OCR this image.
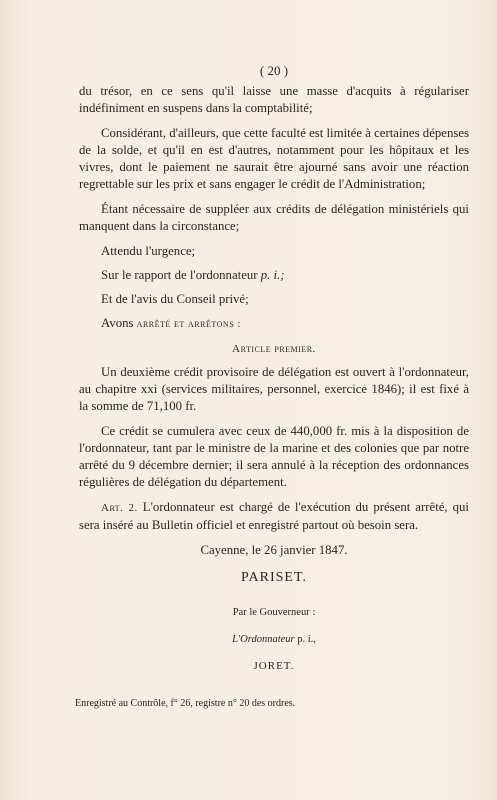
( 20 )

du trésor, en ce sens qu'il laisse une masse d'acquits à régulariser indéfiniment en suspens dans la comptabilité;

Considérant, d'ailleurs, que cette faculté est limitée à certaines dépenses de la solde, et qu'il en est d'autres, notamment pour les hôpitaux et les vivres, dont le paiement ne saurait être ajourné sans avoir une réaction regrettable sur les prix et sans engager le crédit de l'Administration;

Étant nécessaire de suppléer aux crédits de délégation ministériels qui manquent dans la circonstance;

Attendu l'urgence;

Sur le rapport de l'ordonnateur p. i.;

Et de l'avis du Conseil privé;

Avons arrêté et arrêtons :

Article premier.

Un deuxième crédit provisoire de délégation est ouvert à l'ordonnateur, au chapitre xxi (services militaires, personnel, exercice 1846); il est fixé à la somme de 71,100 fr.

Ce crédit se cumulera avec ceux de 440,000 fr. mis à la disposition de l'ordonnateur, tant par le ministre de la marine et des colonies que par notre arrêté du 9 décembre dernier; il sera annulé à la réception des ordonnances régulières de délégation du département.

Art. 2. L'ordonnateur est chargé de l'exécution du présent arrêté, qui sera inséré au Bulletin officiel et enregistré partout où besoin sera.

Cayenne, le 26 janvier 1847.
PARISET.
Par le Gouverneur :
L'Ordonnateur p. i.,
JORET.
Enregistré au Contrôle, f° 26, registre n° 20 des ordres.
